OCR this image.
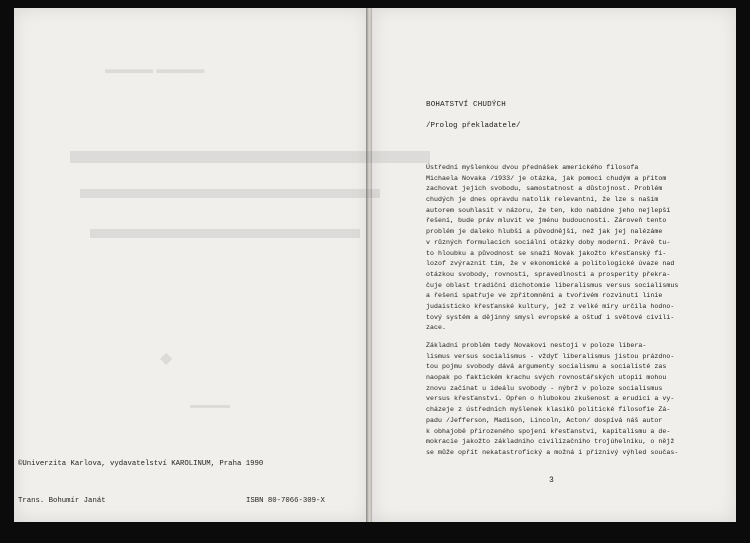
▬▬▬▬ ▬▬▬▬
▬▬▬▬▬▬▬▬▬
▬▬▬▬▬▬▬▬▬▬
▬▬▬▬▬▬▬▬▬
◆
▬▬▬▬

©Univerzita Karlova, vydavatelství KAROLINUM, Praha 1990

Trans. Bohumír Janát

	ISBN 80-7066-309-X

BOHATSTVÍ CHUDÝCH
/Prolog překladatele/
Ústřední myšlenkou dvou přednášek amerického filosofa
Michaela Novaka /1933/ je otázka, jak pomoci chudým a přitom
zachovat jejich svobodu, samostatnost a důstojnost. Problém
chudých je dnes opravdu natolik relevantní, že lze s naším
autorem souhlasit v názoru, že ten, kdo nabídne jeho nejlepší
řešení, bude práv mluvit ve jménu budoucnosti. Zároveň tento
problém je daleko hlubší a původnější, než jak jej nalézáme
v různých formulacích sociální otázky doby moderní. Právě tu-
to hloubku a původnost se snaží Novak jakožto křesťanský fi-
lozof zvýraznit tím, že v ekonomické a politologické úvaze nad
otázkou svobody, rovnosti, spravedlnosti a prosperity překra-
čuje oblast tradiční dichotomie liberalismus versus socialismus
a řešení spatřuje ve zpřítomnění a tvořivém rozvinutí linie
judaisticko křesťanské kultury, jež z velké míry určila hodno-
tový systém a dějinný smysl evropské a oštuď i světové civili-
zace.
Základní problém tedy Novakovi nestojí v poloze libera-
lismus versus socialismus - vždyť liberalismus jistou prázdno-
tou pojmu svobody dává argumenty socialismu a socialisté zas
naopak po faktickém krachu svých rovnostářských utopií mohou
znovu začínat u ideálu svobody - nýbrž v poloze socialismus
versus křesťanství. Opřen o hlubokou zkušenost a erudici a vy-
cházeje z ústředních myšlenek klasiků politické filosofie Zá-
padu /Jefferson, Madison, Lincoln, Acton/ dospívá náš autor
k obhajobě přirozeného spojení křesťanství, kapitalismu a de-
mokracie jakožto základního civilizačního trojúhelníku, o nějž
se může opřít nekatastrofický a možná i příznivý výhled součas-
3
